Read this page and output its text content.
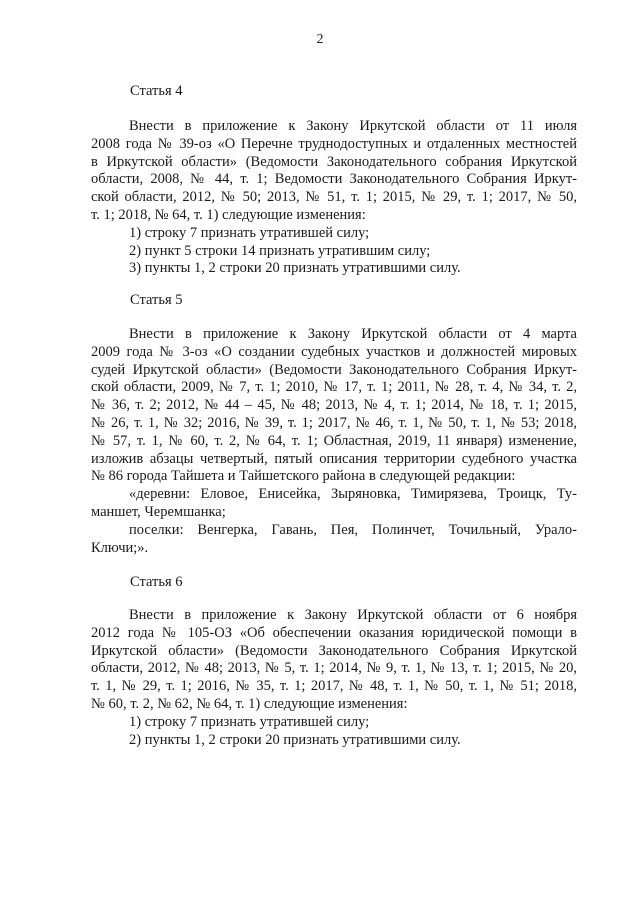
2
Статья 4
Внести в приложение к Закону Иркутской области от 11 июля
2008 года № 39-оз «О Перечне труднодоступных и отдаленных местностей
в Иркутской области» (Ведомости Законодательного собрания Иркутской
области, 2008, № 44, т. 1; Ведомости Законодательного Собрания Иркут-
ской области, 2012, № 50; 2013, № 51, т. 1; 2015, № 29, т. 1; 2017, № 50,
т. 1; 2018, № 64, т. 1) следующие изменения:
1) строку 7 признать утратившей силу;
2) пункт 5 строки 14 признать утратившим силу;
3) пункты 1, 2 строки 20 признать утратившими силу.
Статья 5
Внести в приложение к Закону Иркутской области от 4 марта
2009 года № 3-оз «О создании судебных участков и должностей мировых
судей Иркутской области» (Ведомости Законодательного Собрания Иркут-
ской области, 2009, № 7, т. 1; 2010, № 17, т. 1; 2011, № 28, т. 4, № 34, т. 2,
№ 36, т. 2; 2012, № 44 – 45, № 48; 2013, № 4, т. 1; 2014, № 18, т. 1; 2015,
№ 26, т. 1, № 32; 2016, № 39, т. 1; 2017, № 46, т. 1, № 50, т. 1, № 53; 2018,
№ 57, т. 1, № 60, т. 2, № 64, т. 1; Областная, 2019, 11 января) изменение,
изложив абзацы четвертый, пятый описания территории судебного участка
№ 86 города Тайшета и Тайшетского района в следующей редакции:
«деревни: Еловое, Енисейка, Зыряновка, Тимирязева, Троицк, Ту-
маншет, Черемшанка;
поселки: Венгерка, Гавань, Пея, Полинчет, Точильный, Урало-
Ключи;».
Статья 6
Внести в приложение к Закону Иркутской области от 6 ноября
2012 года № 105-ОЗ «Об обеспечении оказания юридической помощи в
Иркутской области» (Ведомости Законодательного Собрания Иркутской
области, 2012, № 48; 2013, № 5, т. 1; 2014, № 9, т. 1, № 13, т. 1; 2015, № 20,
т. 1, № 29, т. 1; 2016, № 35, т. 1; 2017, № 48, т. 1, № 50, т. 1, № 51; 2018,
№ 60, т. 2, № 62, № 64, т. 1) следующие изменения:
1) строку 7 признать утратившей силу;
2) пункты 1, 2 строки 20 признать утратившими силу.
